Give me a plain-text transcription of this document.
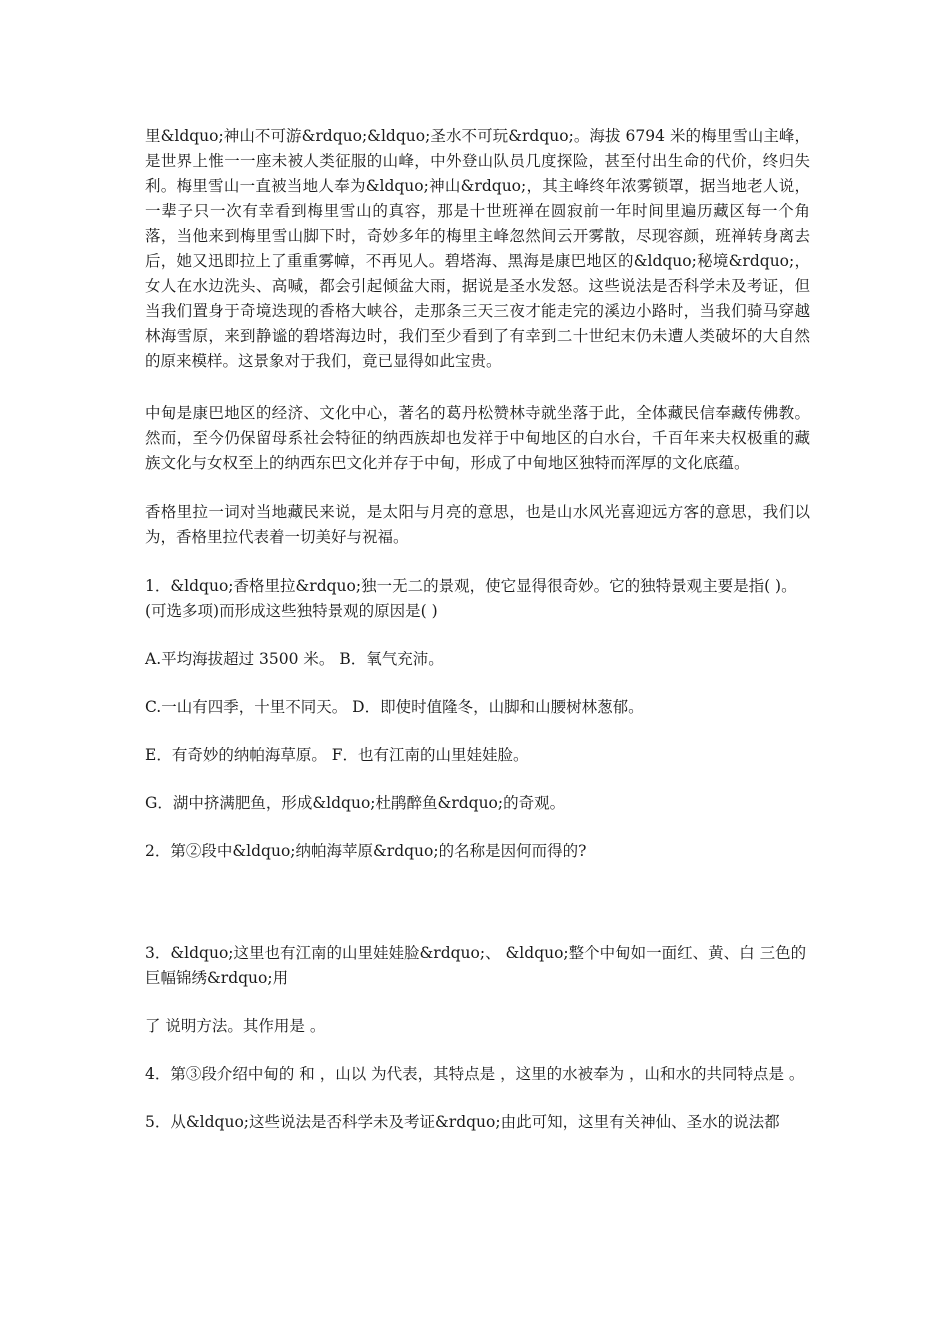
里&ldquo;神山不可游&rdquo;&ldquo;圣水不可玩&rdquo;。海拔 6794 米的梅里雪山主峰，是世界上惟一一座未被人类征服的山峰，中外登山队员几度探险，甚至付出生命的代价，终归失利。梅里雪山一直被当地人奉为&ldquo;神山&rdquo;，其主峰终年浓雾锁罩，据当地老人说，一辈子只一次有幸看到梅里雪山的真容，那是十世班禅在圆寂前一年时间里遍历藏区每一个角落，当他来到梅里雪山脚下时，奇妙多年的梅里主峰忽然间云开雾散，尽现容颜，班禅转身离去后，她又迅即拉上了重重雾幛，不再见人。碧塔海、黑海是康巴地区的&ldquo;秘境&rdquo;，女人在水边洗头、高喊，都会引起倾盆大雨，据说是圣水发怒。这些说法是否科学未及考证，但当我们置身于奇境迭现的香格大峡谷，走那条三天三夜才能走完的溪边小路时，当我们骑马穿越林海雪原，来到静谧的碧塔海边时，我们至少看到了有幸到二十世纪末仍未遭人类破坏的大自然的原来模样。这景象对于我们，竟已显得如此宝贵。

中甸是康巴地区的经济、文化中心，著名的葛丹松赞林寺就坐落于此，全体藏民信奉藏传佛教。然而，至今仍保留母系社会特征的纳西族却也发祥于中甸地区的白水台，千百年来夫权极重的藏族文化与女权至上的纳西东巴文化并存于中甸，形成了中甸地区独特而浑厚的文化底蕴。

香格里拉一词对当地藏民来说，是太阳与月亮的意思，也是山水风光喜迎远方客的意思，我们以为，香格里拉代表着一切美好与祝福。

1．&ldquo;香格里拉&rdquo;独一无二的景观，使它显得很奇妙。它的独特景观主要是指( )。(可选多项)而形成这些独特景观的原因是( )

A.平均海拔超过 3500 米。 B．氧气充沛。

C.一山有四季，十里不同天。 D．即使时值隆冬，山脚和山腰树林葱郁。

E．有奇妙的纳帕海草原。 F．也有江南的山里娃娃脸。

G．湖中挤满肥鱼，形成&ldquo;杜鹃醉鱼&rdquo;的奇观。

2．第②段中&ldquo;纳帕海苹原&rdquo;的名称是因何而得的?

3．&ldquo;这里也有江南的山里娃娃脸&rdquo;、 &ldquo;整个中甸如一面红、黄、白 三色的 巨幅锦绣&rdquo;用

了 说明方法。其作用是 。

4．第③段介绍中甸的 和 ，山以 为代表，其特点是 ，这里的水被奉为 ，山和水的共同特点是 。

5．从&ldquo;这些说法是否科学未及考证&rdquo;由此可知，这里有关神仙、圣水的说法都
